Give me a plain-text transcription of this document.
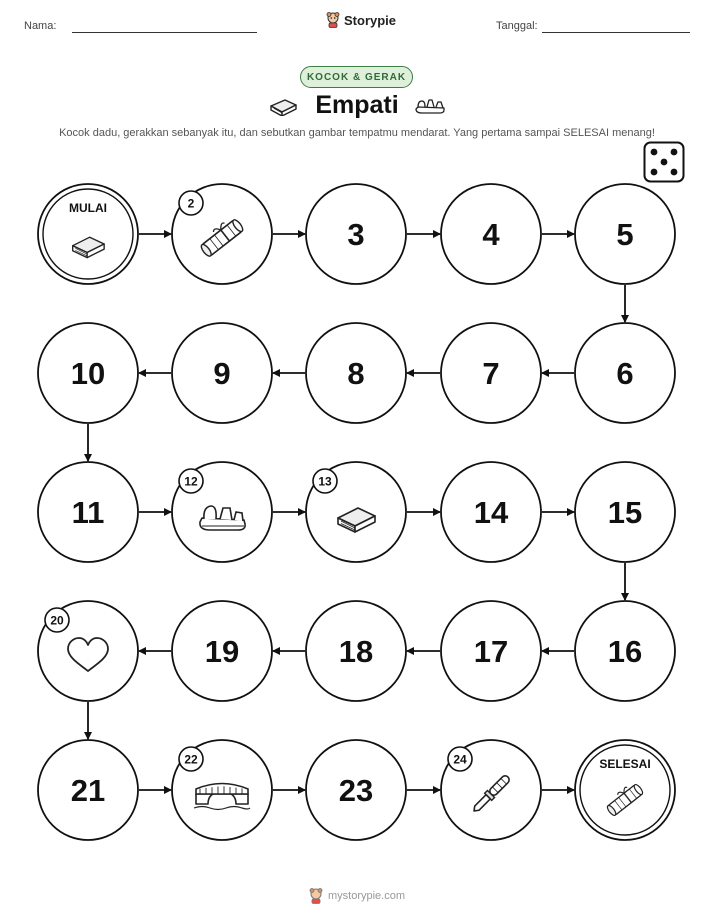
Nama:	Storypie	Tanggal:
KOCOK & GERAK
Empati
Kocok dadu, gerakkan sebanyak itu, dan sebutkan gambar tempatmu mendarat. Yang pertama sampai SELESAI menang!
MULAI	2
3	4	5
6
7
8
9
10
11
12	13
14	15
16
17
18
19
20
21
22
23
24	SELESAI
mystorypie.com
